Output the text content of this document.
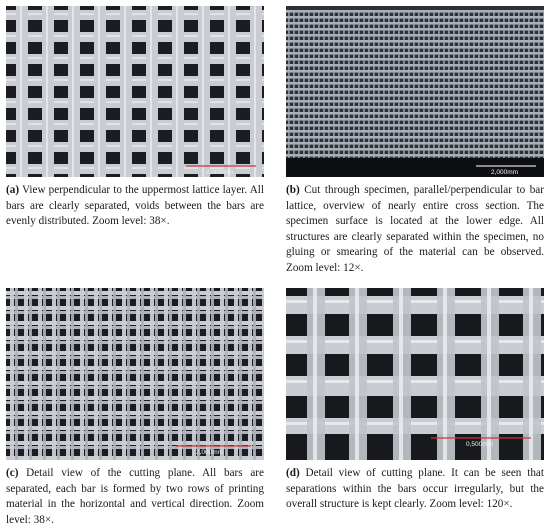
2,000mm

(a) View perpendicular to the uppermost lattice layer. All bars are clearly separated, voids between the bars are evenly distributed. Zoom level: 38×.

2,000mm

(b) Cut through specimen, parallel/perpendicular to bar lattice, overview of nearly entire cross section. The specimen surface is located at the lower edge. All structures are clearly separated within the specimen, no gluing or smearing of the material can be observed. Zoom level: 12×.

2,000mm

(c) Detail view of the cutting plane. All bars are separated, each bar is formed by two rows of printing material in the horizontal and vertical direction. Zoom level: 38×.

0,500mm

(d) Detail view of cutting plane. It can be seen that separations within the bars occur irregularly, but the overall structure is kept clearly. Zoom level: 120×.
